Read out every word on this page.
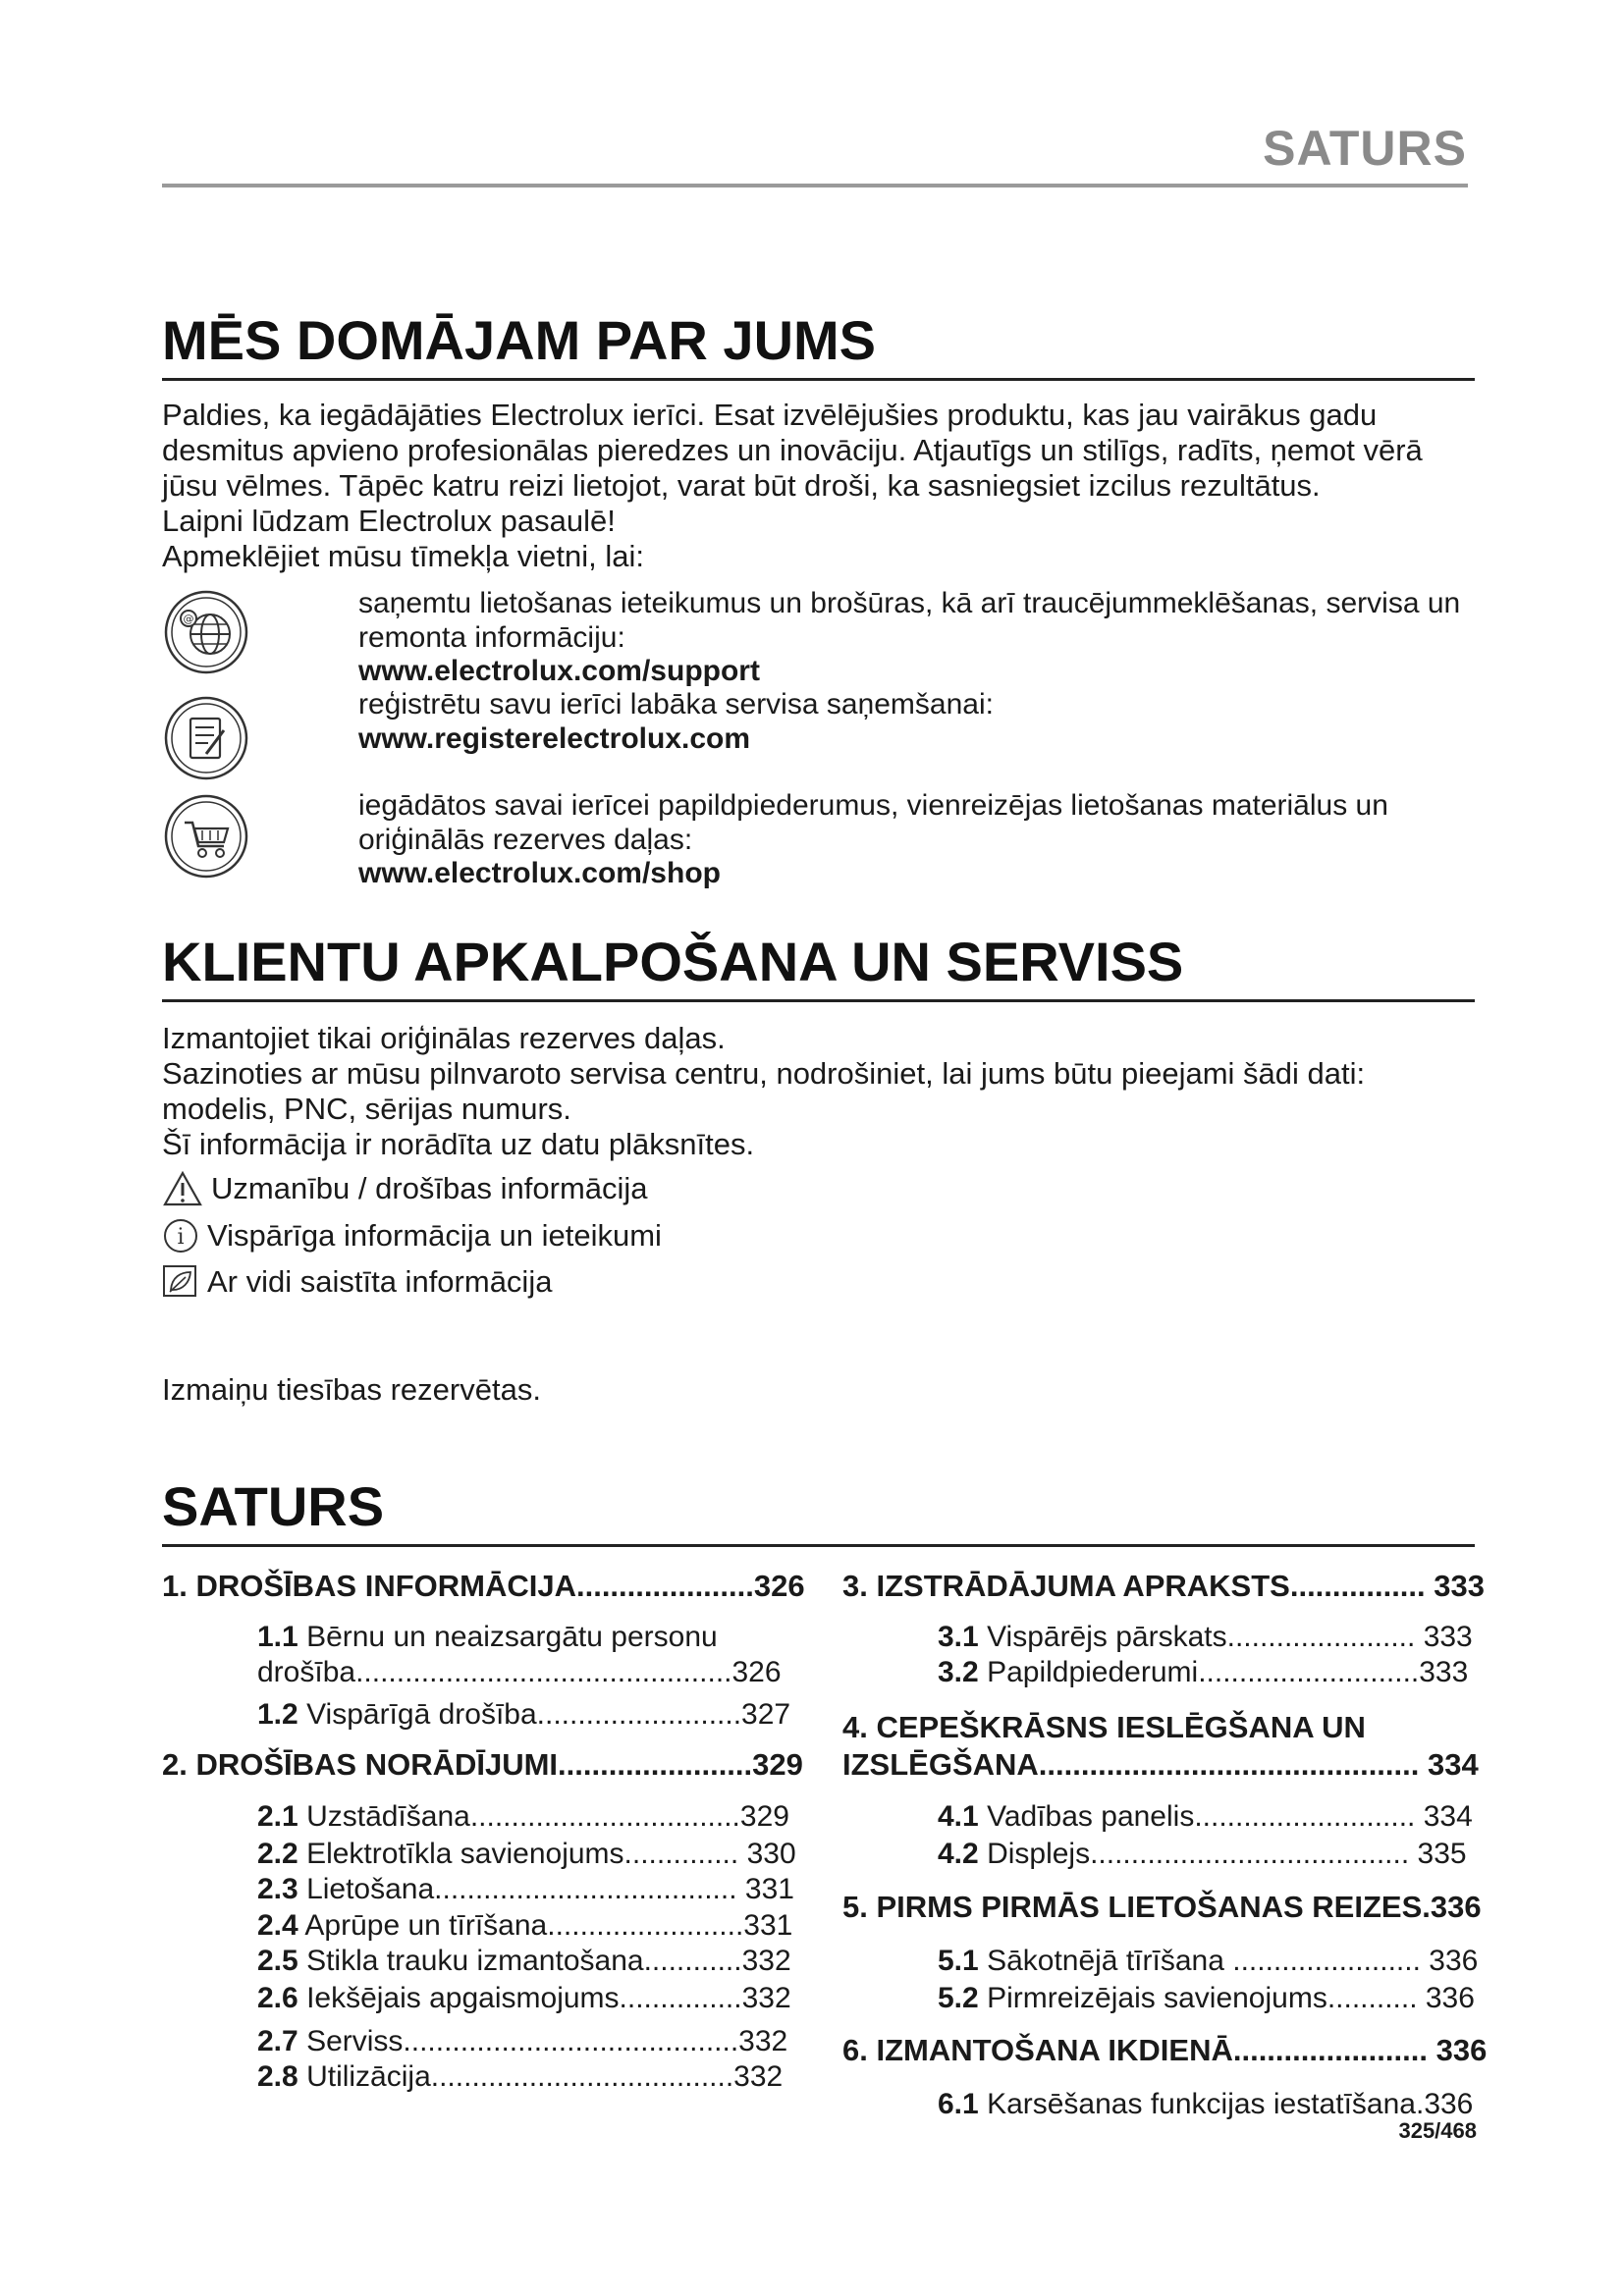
SATURS
MĒS DOMĀJAM PAR JUMS
Paldies, ka iegādājāties Electrolux ierīci. Esat izvēlējušies produktu, kas jau vairākus gadu
desmitus apvieno profesionālas pieredzes un inovāciju. Atjautīgs un stilīgs, radīts, ņemot vērā
jūsu vēlmes. Tāpēc katru reizi lietojot, varat būt droši, ka sasniegsiet izcilus rezultātus.
Laipni lūdzam Electrolux pasaulē!
Apmeklējiet mūsu tīmekļa vietni, lai:
@	saņemtu lietošanas ieteikumus un brošūras, kā arī traucējummeklēšanas, servisa un
remonta informāciju:
www.electrolux.com/support
reģistrētu savu ierīci labāka servisa saņemšanai:
www.registerelectrolux.com
iegādātos savai ierīcei papildpiederumus, vienreizējas lietošanas materiālus un
oriģinālās rezerves daļas:
www.electrolux.com/shop
KLIENTU APKALPOŠANA UN SERVISS
Izmantojiet tikai oriģinālas rezerves daļas.
Sazinoties ar mūsu pilnvaroto servisa centru, nodrošiniet, lai jums būtu pieejami šādi dati:
modelis, PNC, sērijas numurs.
Šī informācija ir norādīta uz datu plāksnītes.
Uzmanību / drošības informācija
i Vispārīga informācija un ieteikumi
Ar vidi saistīta informācija
Izmaiņu tiesības rezervētas.
SATURS
1. DROŠĪBAS INFORMĀCIJA.....................326
1.1 Bērnu un neaizsargātu personu
drošība..............................................326
1.2 Vispārīgā drošība.........................327
2. DROŠĪBAS NORĀDĪJUMI.......................329
2.1 Uzstādīšana.................................329
2.2 Elektrotīkla savienojums.............. 330
2.3 Lietošana..................................... 331
2.4 Aprūpe un tīrīšana........................331
2.5 Stikla trauku izmantošana............332
2.6 Iekšējais apgaismojums...............332
2.7 Serviss.........................................332
2.8 Utilizācija.....................................332
3. IZSTRĀDĀJUMA APRAKSTS................ 333
3.1 Vispārējs pārskats....................... 333
3.2 Papildpiederumi...........................333
4. CEPEŠKRĀSNS IESLĒGŠANA UN
IZSLĒGŠANA............................................. 334
4.1 Vadības panelis........................... 334
4.2 Displejs....................................... 335
5. PIRMS PIRMĀS LIETOŠANAS REIZES.336
5.1 Sākotnējā tīrīšana ....................... 336
5.2 Pirmreizējais savienojums........... 336
6. IZMANTOŠANA IKDIENĀ....................... 336
6.1 Karsēšanas funkcijas iestatīšana.336
325/468
